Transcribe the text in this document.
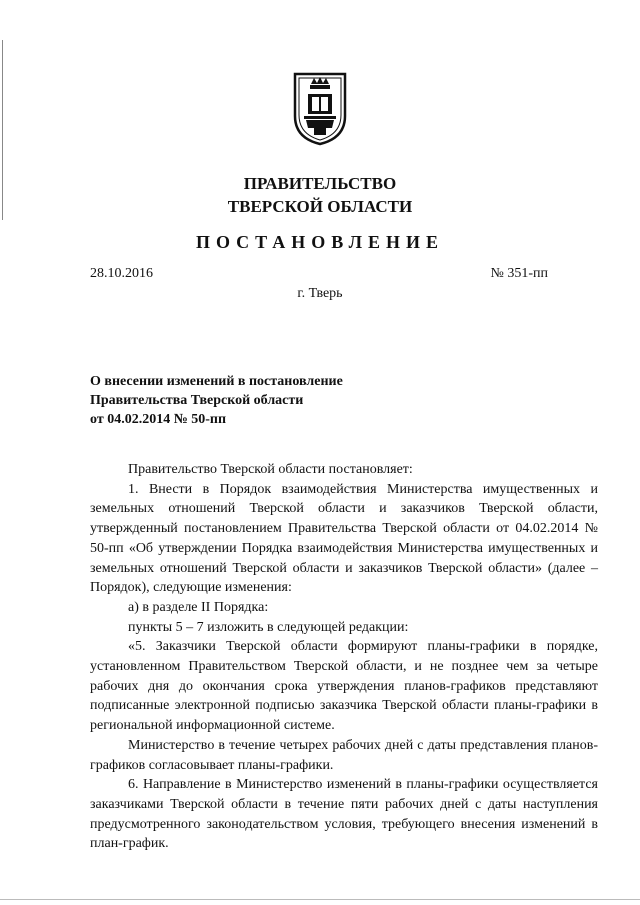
ПРАВИТЕЛЬСТВО
ТВЕРСКОЙ ОБЛАСТИ
ПОСТАНОВЛЕНИЕ
28.10.2016	№ 351-пп
г. Тверь
О внесении изменений в постановление
Правительства Тверской области
от 04.02.2014 № 50-пп

Правительство Тверской области постановляет:

1. Внести в Порядок взаимодействия Министерства имущественных и земельных отношений Тверской области и заказчиков Тверской области, утвержденный постановлением Правительства Тверской области от 04.02.2014 № 50-пп «Об утверждении Порядка взаимодействия Министерства имущественных и земельных отношений Тверской области и заказчиков Тверской области» (далее – Порядок), следующие изменения:

а) в разделе II Порядка:

пункты 5 – 7 изложить в следующей редакции:

«5. Заказчики Тверской области формируют планы-графики в порядке, установленном Правительством Тверской области, и не позднее чем за четыре рабочих дня до окончания срока утверждения планов-графиков представляют подписанные электронной подписью заказчика Тверской области планы-графики в региональной информационной системе.

Министерство в течение четырех рабочих дней с даты представления планов-графиков согласовывает планы-графики.

6. Направление в Министерство изменений в планы-графики осуществляется заказчиками Тверской области в течение пяти рабочих дней с даты наступления предусмотренного законодательством условия, требующего внесения изменений в план-график.
